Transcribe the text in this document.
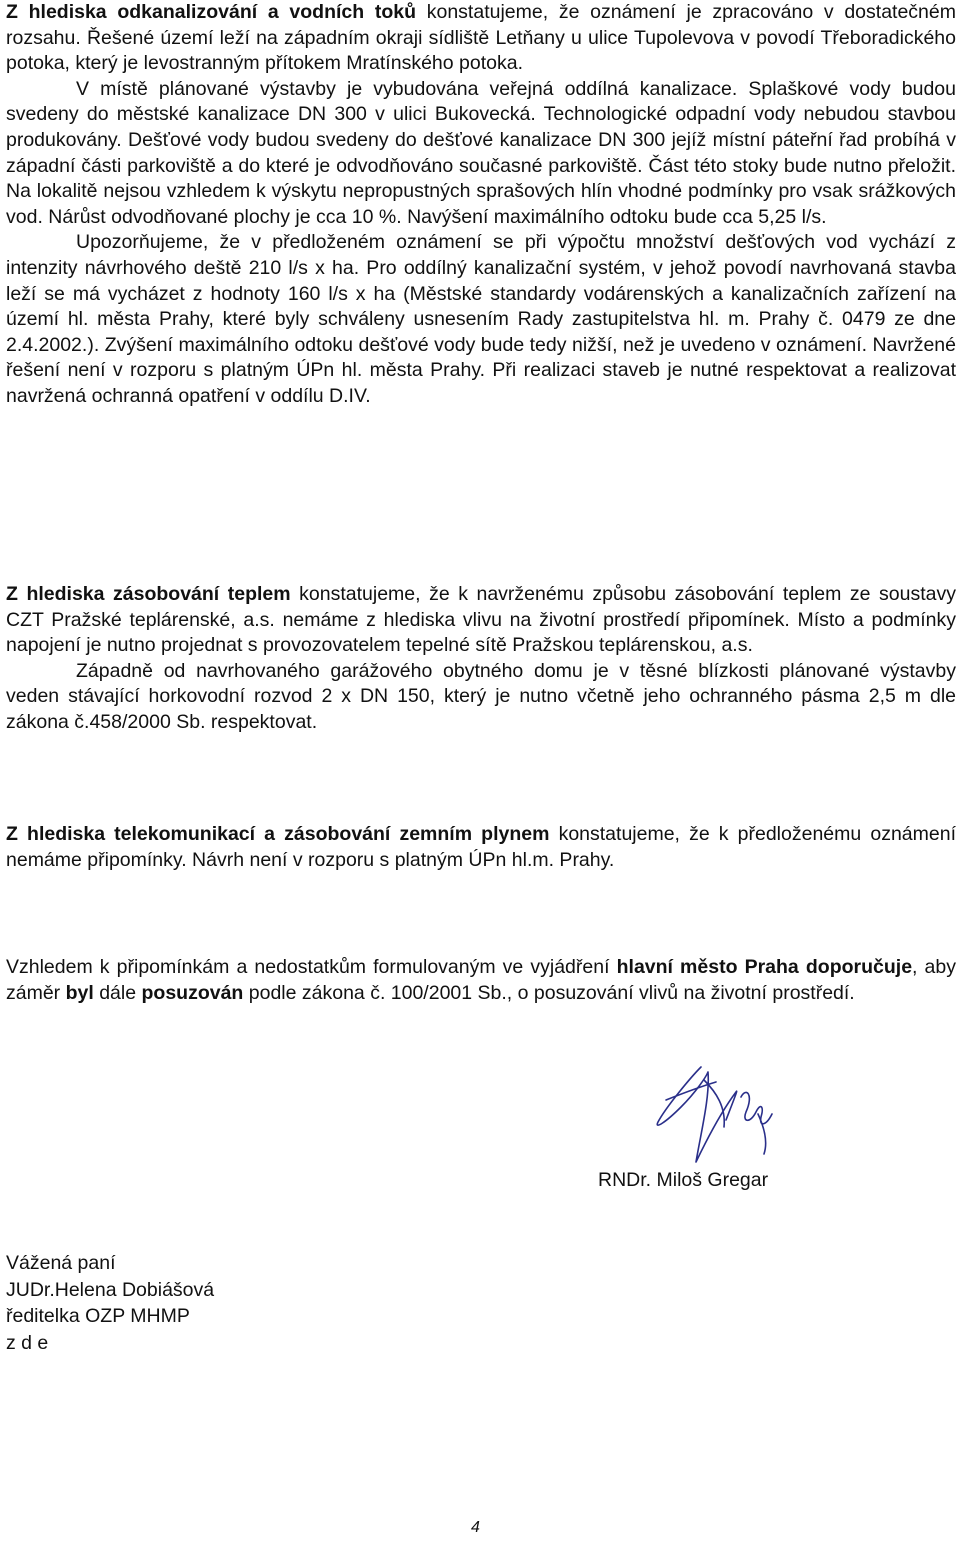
Z hlediska odkanalizování a vodních toků konstatujeme, že oznámení je zpracováno v dostatečném rozsahu. Řešené území leží na západním okraji sídliště Letňany u ulice Tupolevova v povodí Třeboradického potoka, který je levostranným přítokem Mratínského potoka.

V místě plánované výstavby je vybudována veřejná oddílná kanalizace. Splaškové vody budou svedeny do městské kanalizace DN 300 v ulici Bukovecká. Technologické odpadní vody nebudou stavbou produkovány. Dešťové vody budou svedeny do dešťové kanalizace DN 300 jejíž místní páteřní řad probíhá v západní části parkoviště a do které je odvodňováno současné parkoviště. Část této stoky bude nutno přeložit. Na lokalitě nejsou vzhledem k výskytu nepropustných sprašových hlín vhodné podmínky pro vsak srážkových vod. Nárůst odvodňované plochy je cca 10 %. Navýšení maximálního odtoku bude cca 5,25 l/s.

Upozorňujeme, že v předloženém oznámení se při výpočtu množství dešťových vod vychází z intenzity návrhového deště 210 l/s x ha. Pro oddílný kanalizační systém, v jehož povodí navrhovaná stavba leží se má vycházet z hodnoty 160 l/s x ha (Městské standardy vodárenských a kanalizačních zařízení na území hl. města Prahy, které byly schváleny usnesením Rady zastupitelstva hl. m. Prahy č. 0479 ze dne 2.4.2002.). Zvýšení maximálního odtoku dešťové vody bude tedy nižší, než je uvedeno v oznámení. Navržené řešení není v rozporu s platným ÚPn hl. města Prahy. Při realizaci staveb je nutné respektovat a realizovat navržená ochranná opatření v oddílu D.IV.

Z hlediska zásobování teplem konstatujeme, že k navrženému způsobu zásobování teplem ze soustavy CZT Pražské teplárenské, a.s. nemáme z hlediska vlivu na životní prostředí připomínek. Místo a podmínky napojení je nutno projednat s provozovatelem tepelné sítě Pražskou teplárenskou, a.s.

Západně od navrhovaného garážového obytného domu je v těsné blízkosti plánované výstavby veden stávající horkovodní rozvod 2 x DN 150, který je nutno včetně jeho ochranného pásma 2,5 m dle zákona č.458/2000 Sb. respektovat.

Z hlediska telekomunikací a zásobování zemním plynem konstatujeme, že k předloženému oznámení nemáme připomínky. Návrh není v rozporu s platným ÚPn hl.m. Prahy.

Vzhledem k připomínkám a nedostatkům formulovaným ve vyjádření hlavní město Praha doporučuje, aby záměr byl dále posuzován podle zákona č. 100/2001 Sb., o posuzování vlivů na životní prostředí.

RNDr. Miloš Gregar
Vážená paní
JUDr.Helena Dobiášová
ředitelka OZP MHMP
z d e
4
